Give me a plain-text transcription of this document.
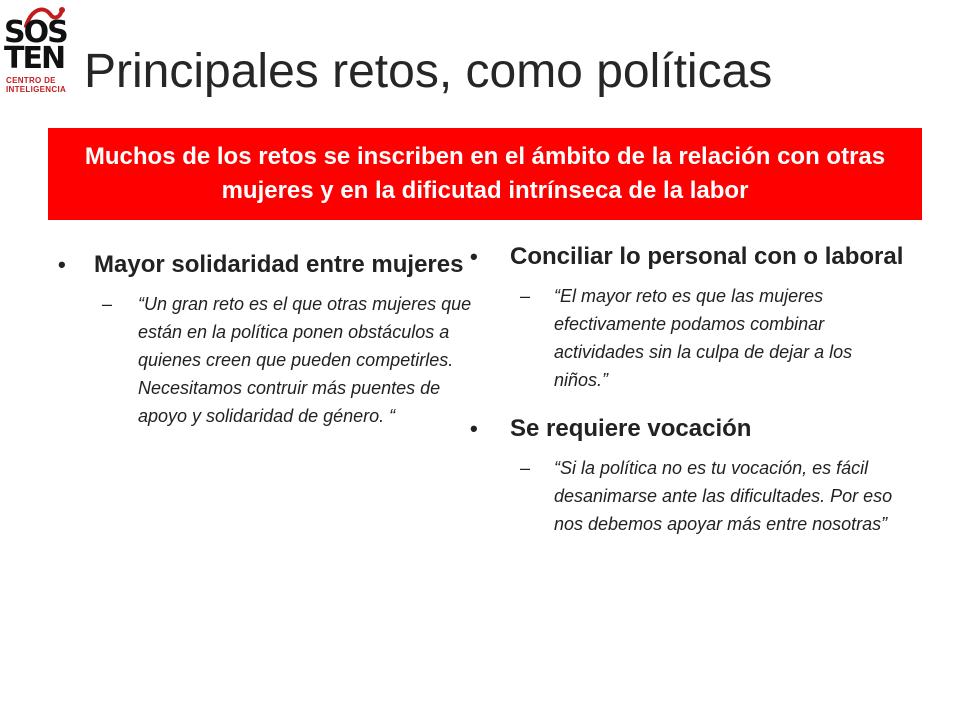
SOS
TEN
CENTRO DE
INTELIGENCIA Principales retos, como políticas
Muchos de los retos se inscriben en el ámbito de la relación con otras mujeres y en la dificutad intrínseca de la labor
• Mayor solidaridad entre mujeres
– “Un gran reto es el que otras mujeres que están en la política ponen obstáculos a quienes creen que pueden competirles. Necesitamos contruir más puentes de apoyo y solidaridad de género. “
• Conciliar lo personal con o laboral
– “El mayor reto es que las mujeres efectivamente podamos combinar actividades sin la culpa de dejar a los niños.”
• Se requiere vocación
– “Si la política no es tu vocación, es fácil desanimarse ante las dificultades. Por eso nos debemos apoyar más entre nosotras”
